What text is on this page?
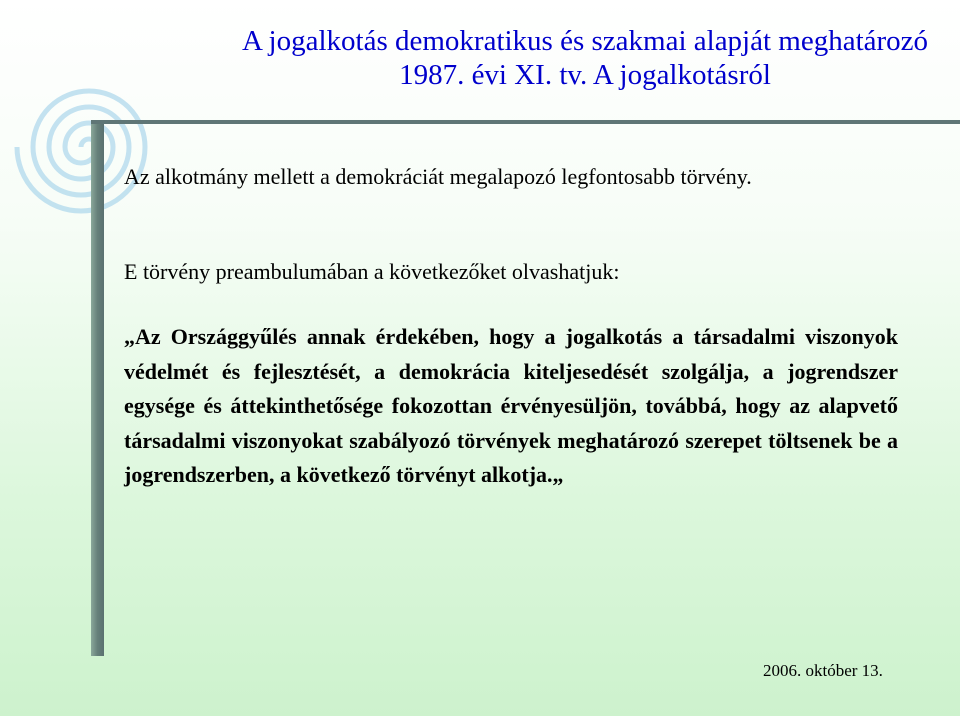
A jogalkotás demokratikus és szakmai alapját meghatározó 1987. évi XI. tv. A jogalkotásról

Az alkotmány mellett a demokráciát megalapozó legfontosabb törvény.

E törvény preambulumában a következőket olvashatjuk:

„Az Országgyűlés annak érdekében, hogy a jogalkotás a társadalmi viszonyok védelmét és fejlesztését, a demokrácia kiteljesedését szolgálja, a jogrendszer egysége és áttekinthetősége fokozottan érvényesüljön, továbbá, hogy az alapvető társadalmi viszonyokat szabályozó törvények meghatározó szerepet töltsenek be a jogrendszerben, a következő törvényt alkotja.„

2006. október 13.
